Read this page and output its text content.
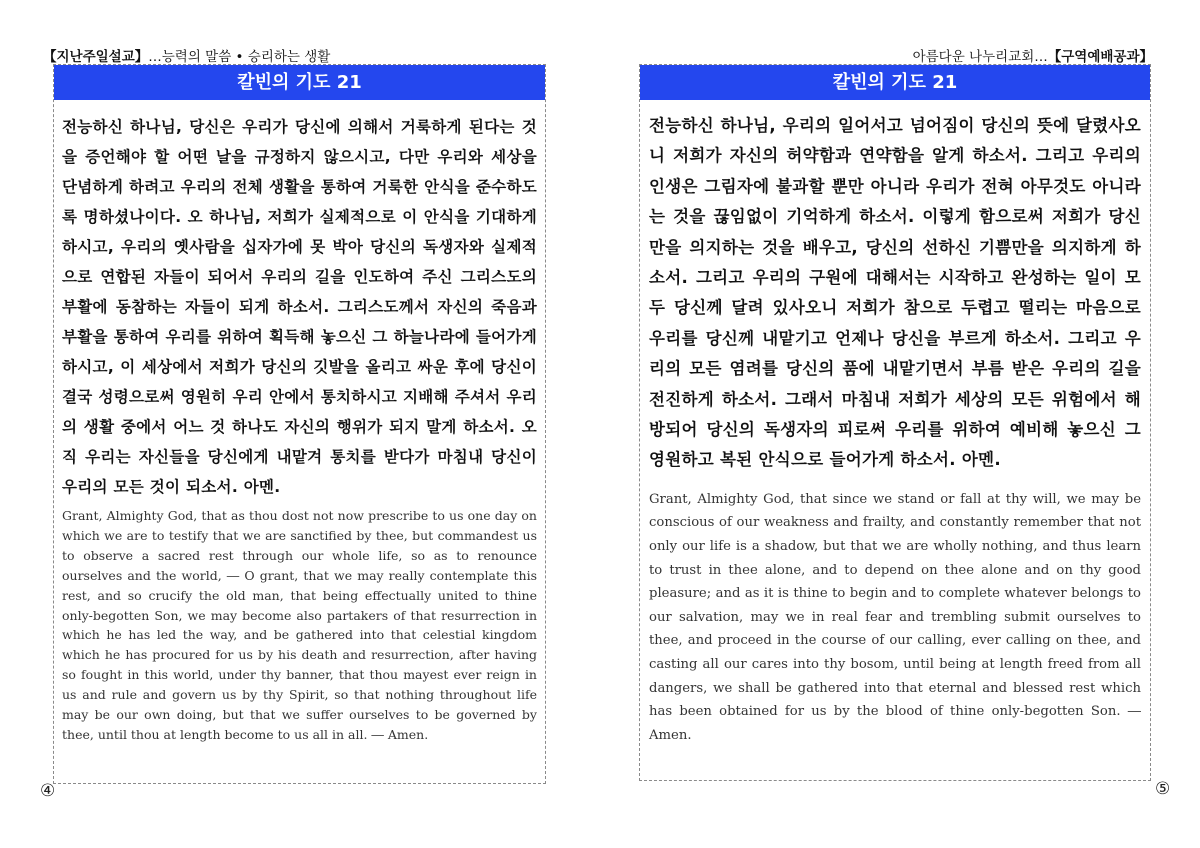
【지난주일설교】…능력의 말씀 • 승리하는 생활	아름다운 나누리교회…【구역예배공과】
칼빈의 기도 21
전능하신 하나님, 당신은 우리가 당신에 의해서 거룩하게 된다는 것을 증언해야 할 어떤 날을 규정하지 않으시고, 다만 우리와 세상을 단념하게 하려고 우리의 전체 생활을 통하여 거룩한 안식을 준수하도록 명하셨나이다. 오 하나님, 저희가 실제적으로 이 안식을 기대하게 하시고, 우리의 옛사람을 십자가에 못 박아 당신의 독생자와 실제적으로 연합된 자들이 되어서 우리의 길을 인도하여 주신 그리스도의 부활에 동참하는 자들이 되게 하소서. 그리스도께서 자신의 죽음과 부활을 통하여 우리를 위하여 획득해 놓으신 그 하늘나라에 들어가게 하시고, 이 세상에서 저희가 당신의 깃발을 올리고 싸운 후에 당신이 결국 성령으로써 영원히 우리 안에서 통치하시고 지배해 주셔서 우리의 생활 중에서 어느 것 하나도 자신의 행위가 되지 말게 하소서. 오직 우리는 자신들을 당신에게 내맡겨 통치를 받다가 마침내 당신이 우리의 모든 것이 되소서. 아멘.
Grant, Almighty God, that as thou dost not now prescribe to us one day on which we are to testify that we are sanctified by thee, but commandest us to observe a sacred rest through our whole life, so as to renounce ourselves and the world, ― O grant, that we may really contemplate this rest, and so crucify the old man, that being effectually united to thine only-begotten Son, we may become also partakers of that resurrection in which he has led the way, and be gathered into that celestial kingdom which he has procured for us by his death and resurrection, after having so fought in this world, under thy banner, that thou mayest ever reign in us and rule and govern us by thy Spirit, so that nothing throughout life may be our own doing, but that we suffer ourselves to be governed by thee, until thou at length become to us all in all. ― Amen.
④
칼빈의 기도 21
전능하신 하나님, 우리의 일어서고 넘어짐이 당신의 뜻에 달렸사오니 저희가 자신의 허약함과 연약함을 알게 하소서. 그리고 우리의 인생은 그림자에 불과할 뿐만 아니라 우리가 전혀 아무것도 아니라는 것을 끊임없이 기억하게 하소서. 이렇게 함으로써 저희가 당신만을 의지하는 것을 배우고, 당신의 선하신 기쁨만을 의지하게 하소서. 그리고 우리의 구원에 대해서는 시작하고 완성하는 일이 모두 당신께 달려 있사오니 저희가 참으로 두렵고 떨리는 마음으로 우리를 당신께 내맡기고 언제나 당신을 부르게 하소서. 그리고 우리의 모든 염려를 당신의 품에 내맡기면서 부름 받은 우리의 길을 전진하게 하소서. 그래서 마침내 저희가 세상의 모든 위험에서 해방되어 당신의 독생자의 피로써 우리를 위하여 예비해 놓으신 그 영원하고 복된 안식으로 들어가게 하소서. 아멘.
Grant, Almighty God, that since we stand or fall at thy will, we may be conscious of our weakness and frailty, and constantly remember that not only our life is a shadow, but that we are wholly nothing, and thus learn to trust in thee alone, and to depend on thee alone and on thy good pleasure; and as it is thine to begin and to complete whatever belongs to our salvation, may we in real fear and trembling submit ourselves to thee, and proceed in the course of our calling, ever calling on thee, and casting all our cares into thy bosom, until being at length freed from all dangers, we shall be gathered into that eternal and blessed rest which has been obtained for us by the blood of thine only-begotten Son. ― Amen.
⑤
